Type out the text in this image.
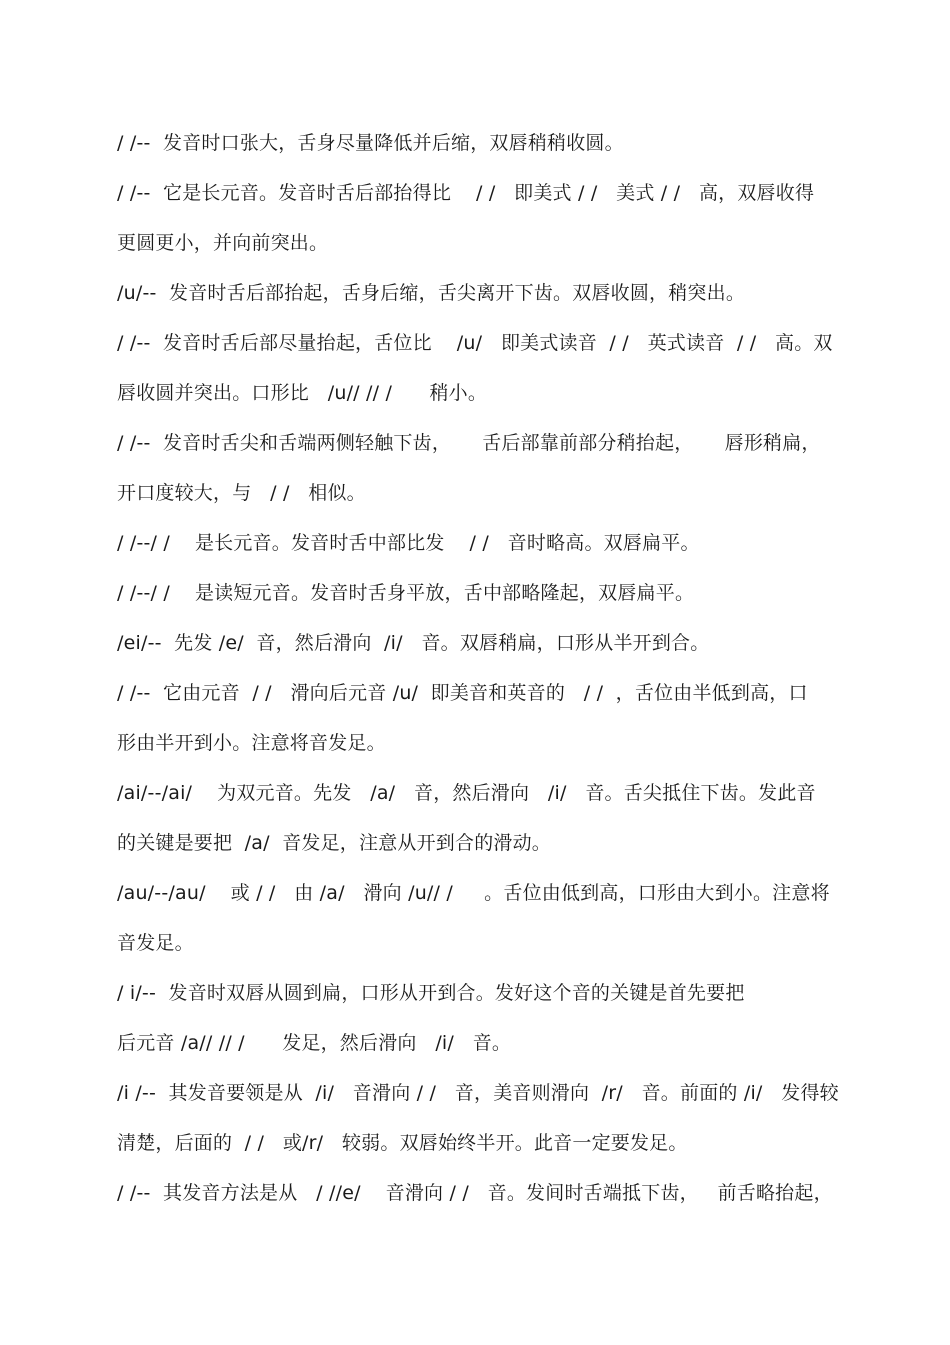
/ /--  发音时口张大，舌身尽量降低并后缩，双唇稍稍收圆。
/ /--  它是长元音。发音时舌后部抬得比    / /   即美式 / /   美式 / /   高，双唇收得
更圆更小，并向前突出。
/u/--  发音时舌后部抬起，舌身后缩，舌尖离开下齿。双唇收圆，稍突出。
/ /--  发音时舌后部尽量抬起，舌位比    /u/   即美式读音  / /   英式读音  / /   高。双
唇收圆并突出。口形比   /u// // /      稍小。
/ /--  发音时舌尖和舌端两侧轻触下齿，     舌后部靠前部分稍抬起，     唇形稍扁，
开口度较大，与   / /   相似。
/ /--/ /    是长元音。发音时舌中部比发    / /   音时略高。双唇扁平。
/ /--/ /    是读短元音。发音时舌身平放，舌中部略隆起，双唇扁平。
/ei/--  先发 /e/  音，然后滑向  /i/   音。双唇稍扁，口形从半开到合。
/ /--  它由元音  / /   滑向后元音 /u/  即美音和英音的   / /  ，舌位由半低到高，口
形由半开到小。注意将音发足。
/ai/--/ai/    为双元音。先发   /a/   音，然后滑向   /i/   音。舌尖抵住下齿。发此音
的关键是要把  /a/  音发足，注意从开到合的滑动。
/au/--/au/    或 / /   由 /a/   滑向 /u// /     。舌位由低到高，口形由大到小。注意将
音发足。
/ i/--  发音时双唇从圆到扁，口形从开到合。发好这个音的关键是首先要把
后元音 /a// // /      发足，然后滑向   /i/   音。
/i /--  其发音要领是从  /i/   音滑向 / /   音，美音则滑向  /r/   音。前面的 /i/   发得较
清楚，后面的  / /   或/r/   较弱。双唇始终半开。此音一定要发足。
/ /--  其发音方法是从   / //e/    音滑向 / /   音。发间时舌端抵下齿，   前舌略抬起，
